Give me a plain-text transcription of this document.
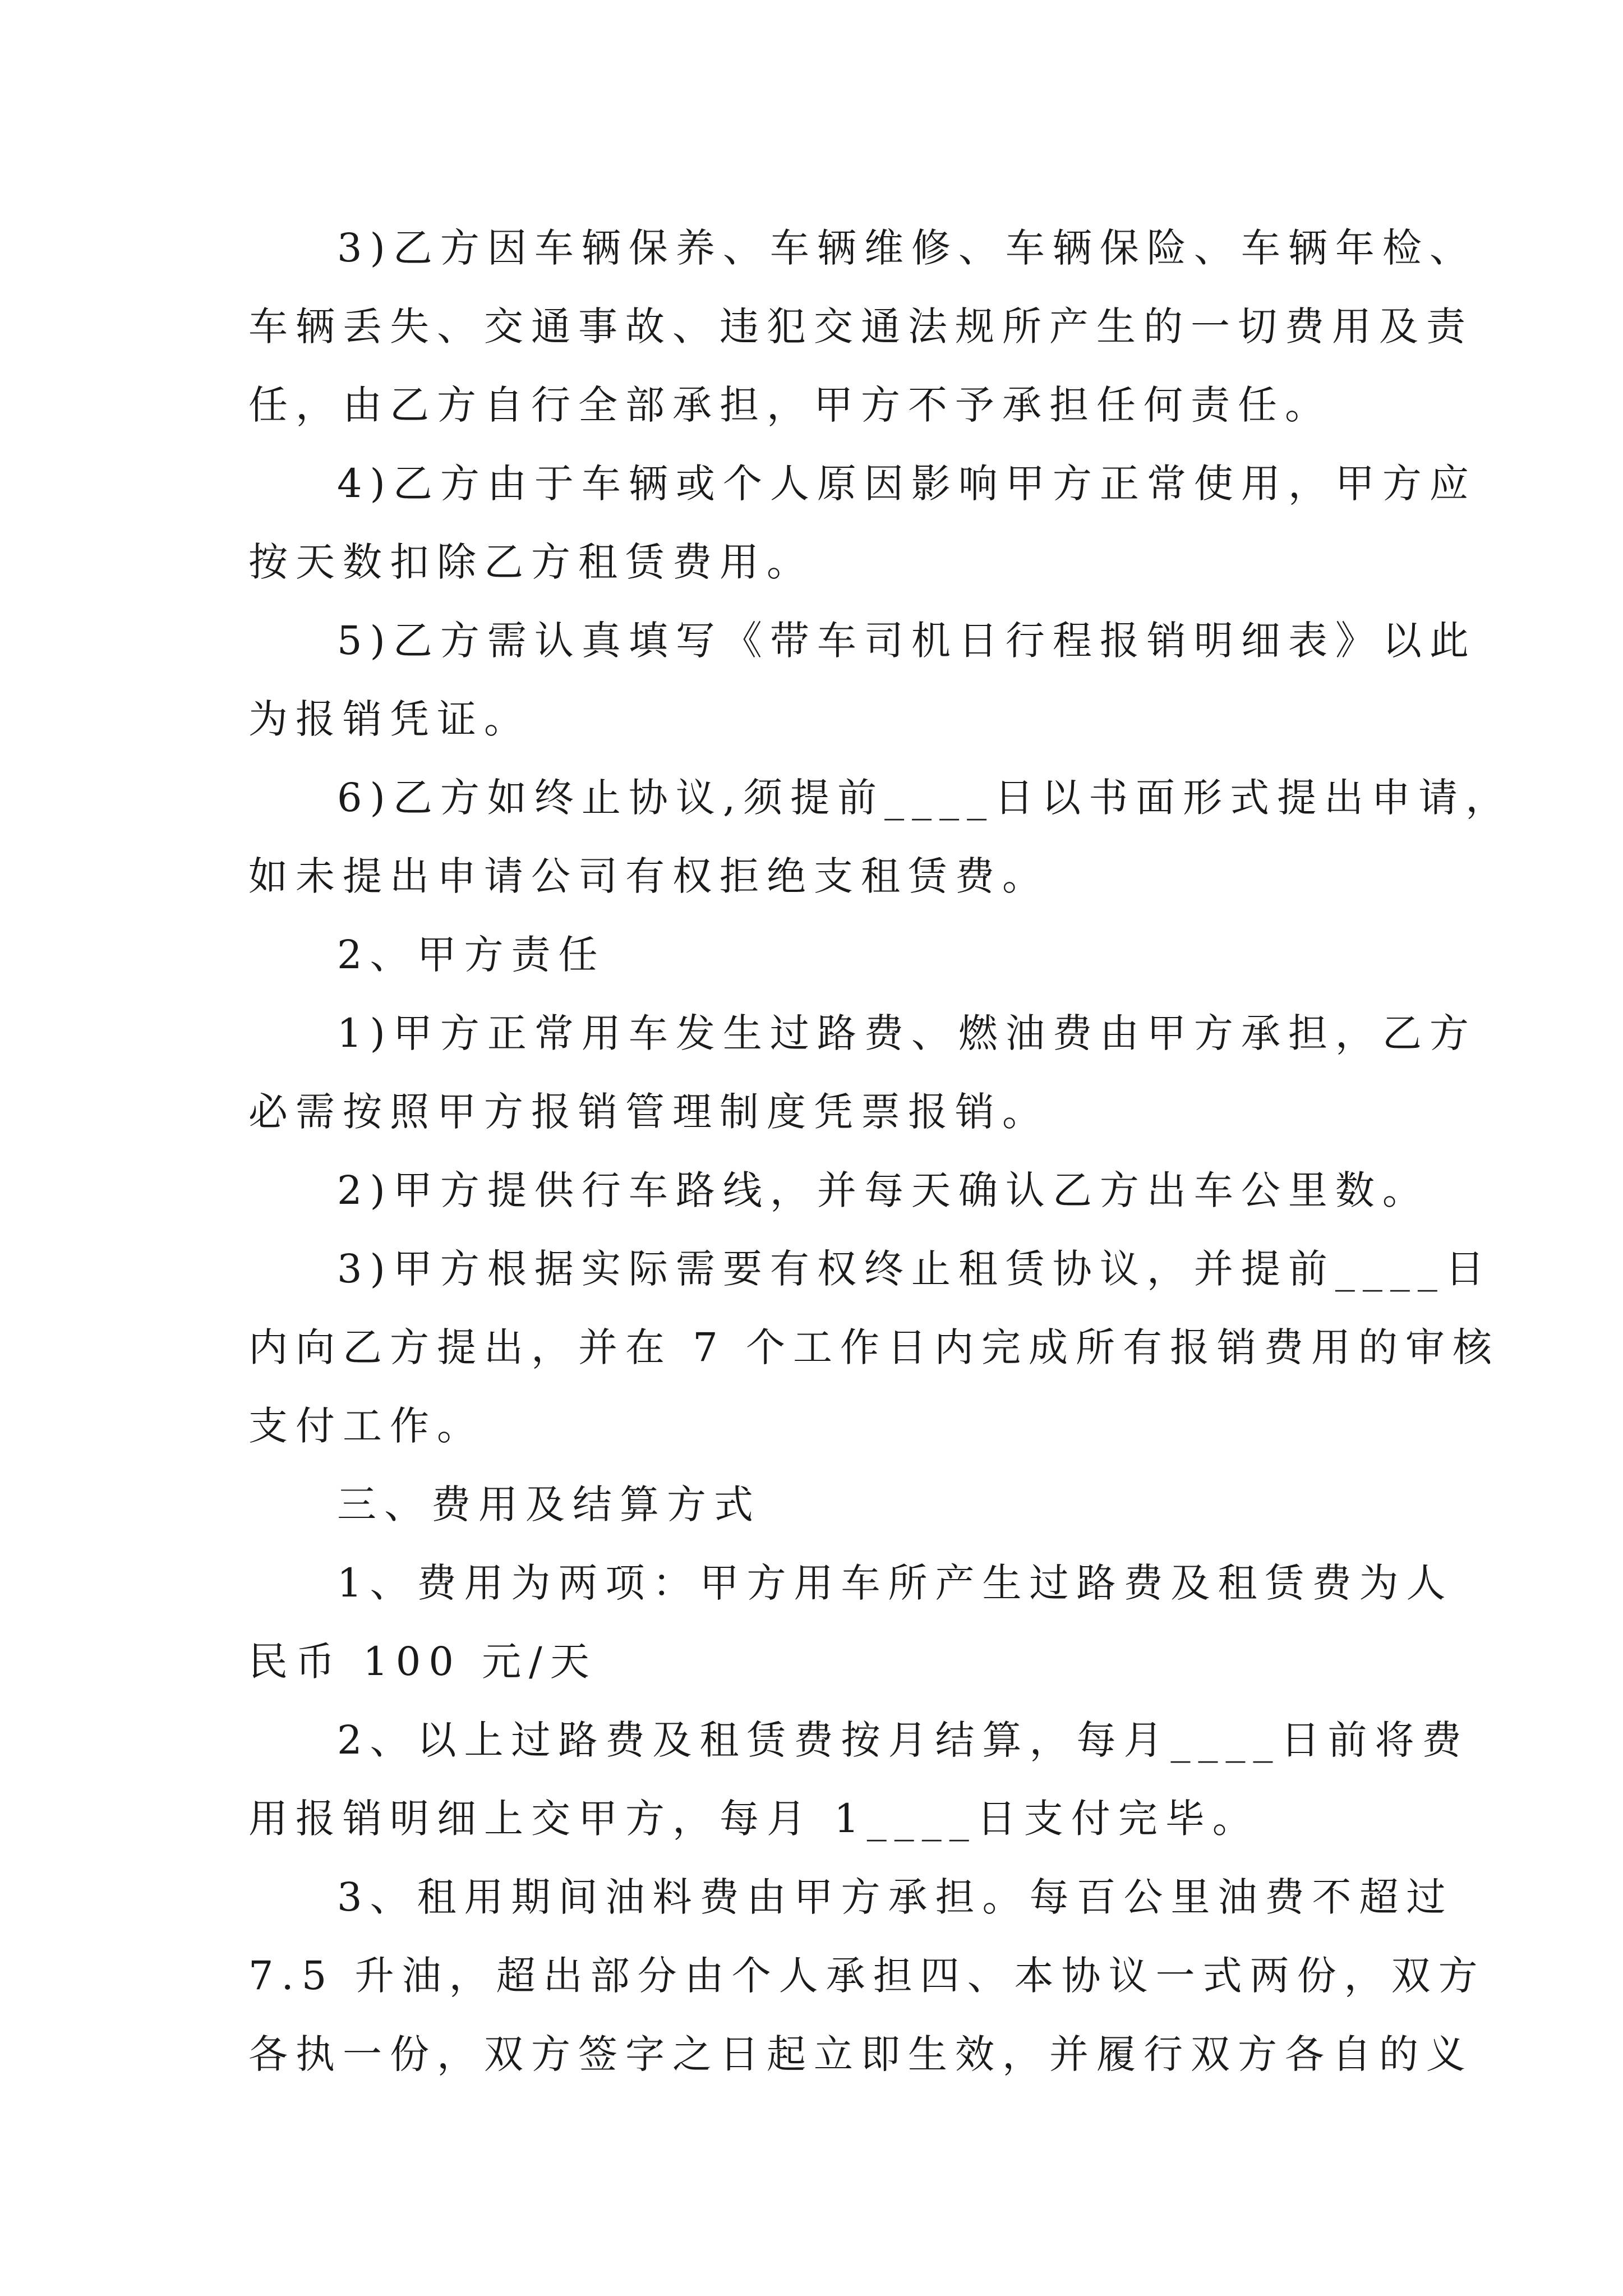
3)乙方因车辆保养、车辆维修、车辆保险、车辆年检、

车辆丢失、交通事故、违犯交通法规所产生的一切费用及责

任，由乙方自行全部承担，甲方不予承担任何责任。

4)乙方由于车辆或个人原因影响甲方正常使用，甲方应

按天数扣除乙方租赁费用。

5)乙方需认真填写《带车司机日行程报销明细表》以此

为报销凭证。

6)乙方如终止协议,须提前____日以书面形式提出申请，

如未提出申请公司有权拒绝支租赁费。

2、甲方责任

1)甲方正常用车发生过路费、燃油费由甲方承担，乙方

必需按照甲方报销管理制度凭票报销。

2)甲方提供行车路线，并每天确认乙方出车公里数。

3)甲方根据实际需要有权终止租赁协议，并提前____日

内向乙方提出，并在 7 个工作日内完成所有报销费用的审核

支付工作。

三、费用及结算方式

1、费用为两项：甲方用车所产生过路费及租赁费为人

民币 100 元/天

2、以上过路费及租赁费按月结算，每月____日前将费

用报销明细上交甲方，每月 1____日支付完毕。

3、租用期间油料费由甲方承担。每百公里油费不超过

7.5 升油，超出部分由个人承担四、本协议一式两份，双方

各执一份，双方签字之日起立即生效，并履行双方各自的义
